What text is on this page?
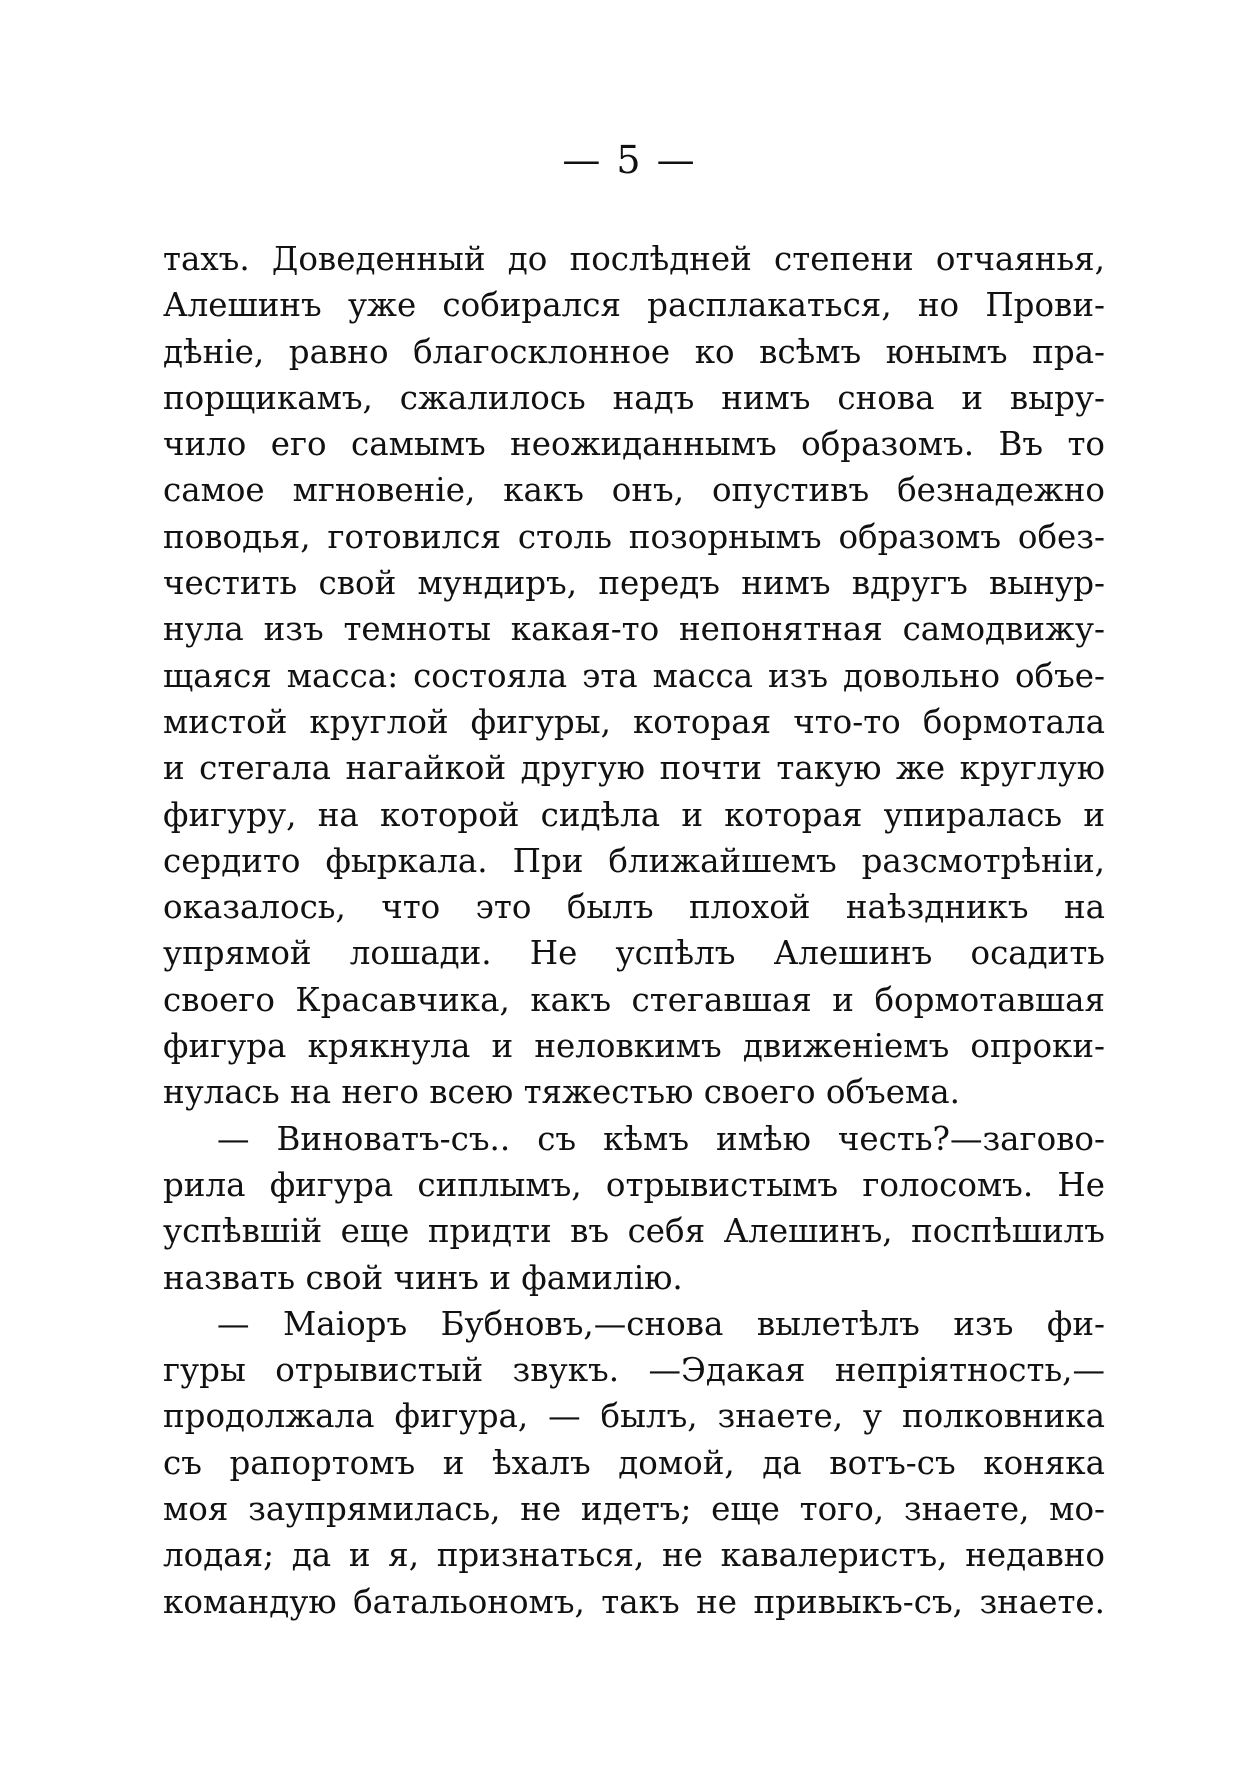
— 5 —
тахъ. Доведенный до послѣдней степени отчаянья,
Алешинъ уже собирался расплакаться, но Прови-
дѣніе, равно благосклонное ко всѣмъ юнымъ пра-
порщикамъ, сжалилось надъ нимъ снова и выру-
чило его самымъ неожиданнымъ образомъ. Въ то
самое мгновеніе, какъ онъ, опустивъ безнадежно
поводья, готовился столь позорнымъ образомъ обез-
честить свой мундиръ, передъ нимъ вдругъ вынyр-
нула изъ темноты какая-то непонятная самодвижу-
щаяся масса: состояла эта масса изъ довольно объе-
мистой круглой фигуры, которая что-то бормотала
и стегала нагайкой другую почти такую же круглую
фигуру, на которой сидѣла и которая упиралась и
сердито фыркала. При ближайшемъ разсмотрѣніи,
оказалось, что это былъ плохой наѣздникъ на
упрямой лошади. Не успѣлъ Алешинъ осадить
своего Красавчика, какъ стегавшая и бормотавшая
фигура крякнула и неловкимъ движеніемъ опроки-
нулась на него всею тяжестью своего объема.
— Виноватъ-съ.. съ кѣмъ имѣю честь?—загово-
рила фигура сиплымъ, отрывистымъ голосомъ. Не
успѣвшій еще придти въ себя Алешинъ, поспѣшилъ
назвать свой чинъ и фамилію.
— Маіоръ Бубновъ,—снова вылетѣлъ изъ фи-
гуры отрывистый звукъ. —Эдакая непріятность,—
продолжала фигура, — былъ, знаете, у полковника
съ рапортомъ и ѣхалъ домой, да вотъ-съ коняка
моя заупрямилась, не идетъ; еще того, знаете, мо-
лодая; да и я, признаться, не кавалеристъ, недавно
командую батальономъ, такъ не привыкъ-съ, знаете.
